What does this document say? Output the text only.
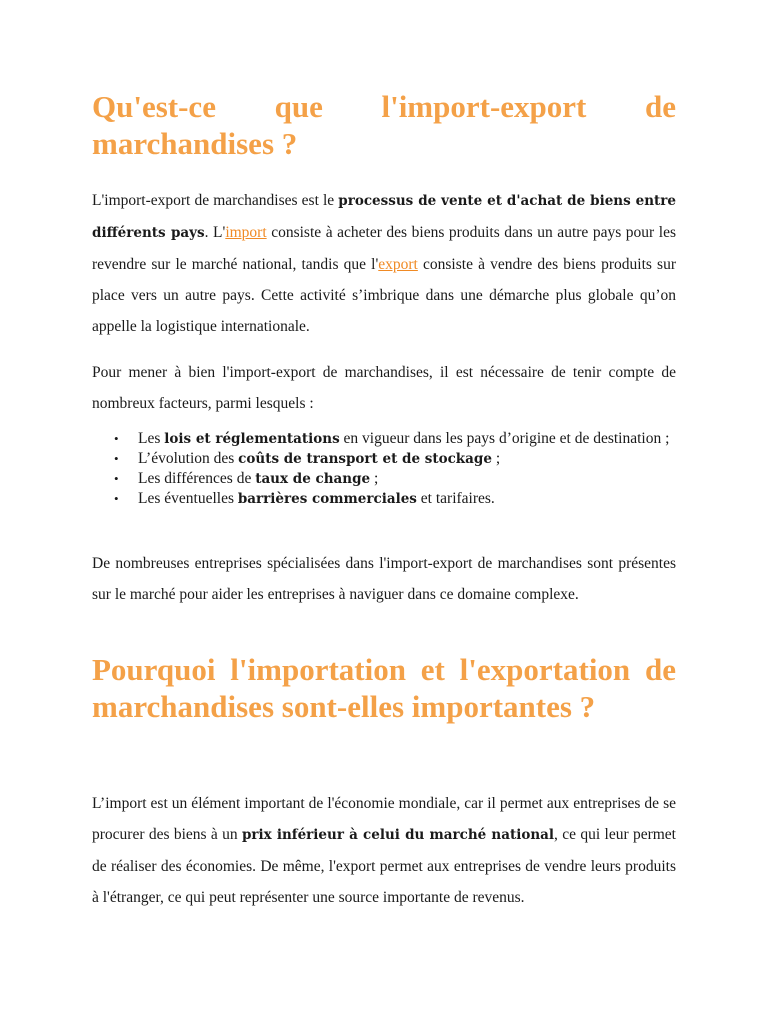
Qu'est-ce que l'import-export de marchandises ?

L'import-export de marchandises est le processus de vente et d'achat de biens entre différents pays. L'import consiste à acheter des biens produits dans un autre pays pour les revendre sur le marché national, tandis que l'export consiste à vendre des biens produits sur place vers un autre pays. Cette activité s’imbrique dans une démarche plus globale qu’on appelle la logistique internationale.

Pour mener à bien l'import-export de marchandises, il est nécessaire de tenir compte de nombreux facteurs, parmi lesquels :

• Les lois et réglementations en vigueur dans les pays d’origine et de destination ;
• L’évolution des coûts de transport et de stockage ;
• Les différences de taux de change ;
• Les éventuelles barrières commerciales et tarifaires.

De nombreuses entreprises spécialisées dans l'import-export de marchandises sont présentes sur le marché pour aider les entreprises à naviguer dans ce domaine complexe.

Pourquoi l'importation et l'exportation de marchandises sont-elles importantes ?

L’import est un élément important de l'économie mondiale, car il permet aux entreprises de se procurer des biens à un prix inférieur à celui du marché national, ce qui leur permet de réaliser des économies. De même, l'export permet aux entreprises de vendre leurs produits à l'étranger, ce qui peut représenter une source importante de revenus.
